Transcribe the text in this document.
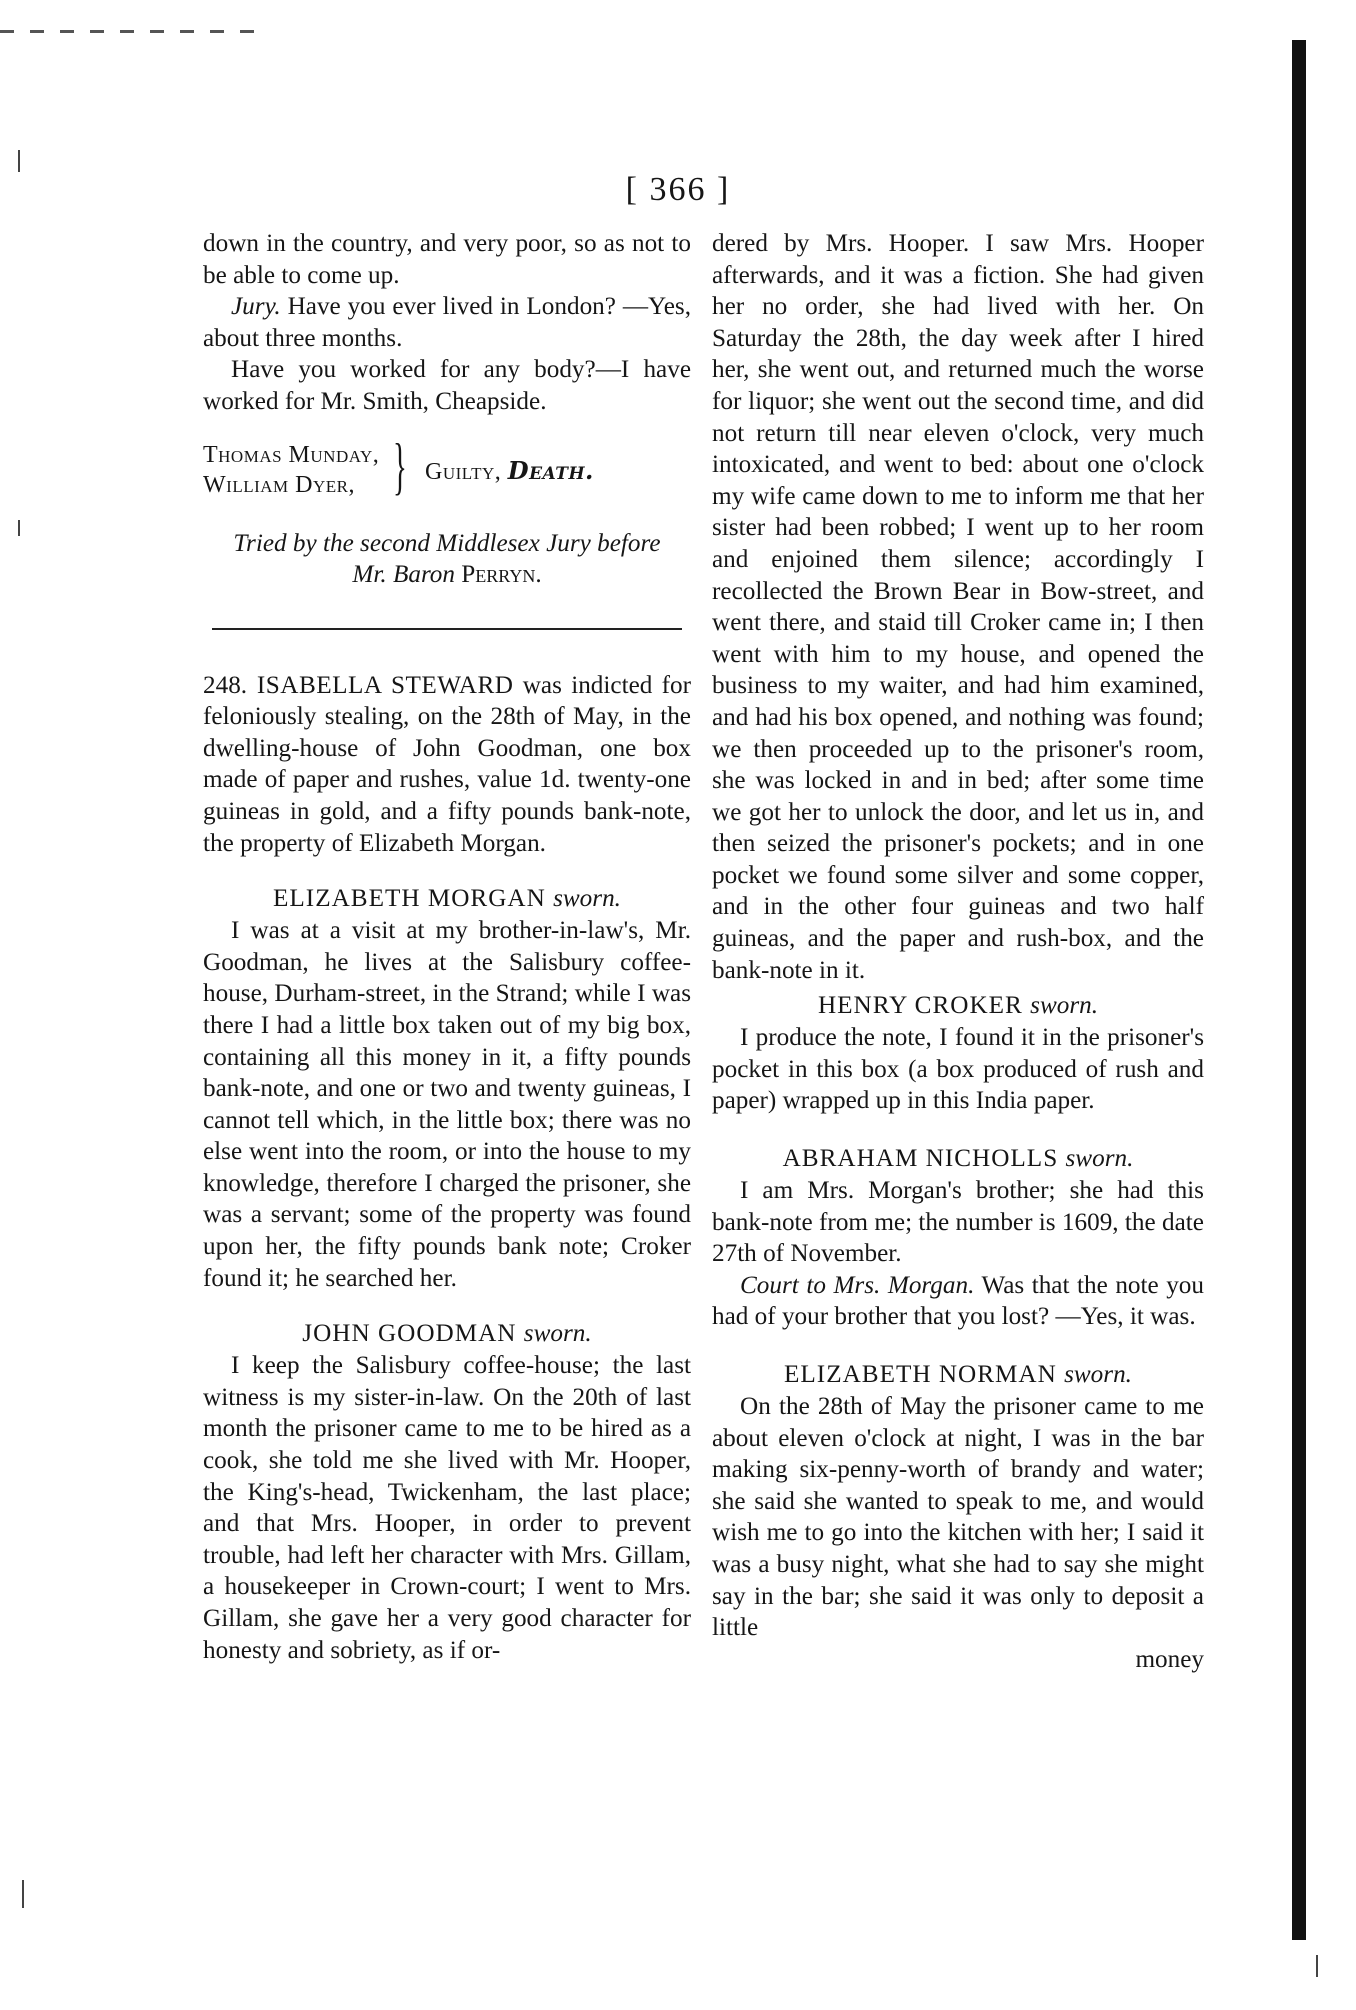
[ 366 ]

down in the country, and very poor, so as not to be able to come up.

Jury. Have you ever lived in London? —Yes, about three months.

Have you worked for any body?—I have worked for Mr. Smith, Cheapside.

Thomas Munday,
William Dyer, } Guilty, Death.
Tried by the second Middlesex Jury before
Mr. Baron Perryn.

248. ISABELLA STEWARD was indicted for feloniously stealing, on the 28th of May, in the dwelling-house of John Goodman, one box made of paper and rushes, value 1d. twenty-one guineas in gold, and a fifty pounds bank-note, the property of Elizabeth Morgan.

ELIZABETH MORGAN sworn.

I was at a visit at my brother-in-law's, Mr. Goodman, he lives at the Salisbury coffee-house, Durham-street, in the Strand; while I was there I had a little box taken out of my big box, containing all this money in it, a fifty pounds bank-note, and one or two and twenty guineas, I cannot tell which, in the little box; there was no else went into the room, or into the house to my knowledge, therefore I charged the prisoner, she was a servant; some of the property was found upon her, the fifty pounds bank note; Croker found it; he searched her.

JOHN GOODMAN sworn.

I keep the Salisbury coffee-house; the last witness is my sister-in-law. On the 20th of last month the prisoner came to me to be hired as a cook, she told me she lived with Mr. Hooper, the King's-head, Twickenham, the last place; and that Mrs. Hooper, in order to prevent trouble, had left her character with Mrs. Gillam, a housekeeper in Crown-court; I went to Mrs. Gillam, she gave her a very good character for honesty and sobriety, as if or-

dered by Mrs. Hooper. I saw Mrs. Hooper afterwards, and it was a fiction. She had given her no order, she had lived with her. On Saturday the 28th, the day week after I hired her, she went out, and returned much the worse for liquor; she went out the second time, and did not return till near eleven o'clock, very much intoxicated, and went to bed: about one o'clock my wife came down to me to inform me that her sister had been robbed; I went up to her room and enjoined them silence; accordingly I recollected the Brown Bear in Bow-street, and went there, and staid till Croker came in; I then went with him to my house, and opened the business to my waiter, and had him examined, and had his box opened, and nothing was found; we then proceeded up to the prisoner's room, she was locked in and in bed; after some time we got her to unlock the door, and let us in, and then seized the prisoner's pockets; and in one pocket we found some silver and some copper, and in the other four guineas and two half guineas, and the paper and rush-box, and the bank-note in it.

HENRY CROKER sworn.

I produce the note, I found it in the prisoner's pocket in this box (a box produced of rush and paper) wrapped up in this India paper.

ABRAHAM NICHOLLS sworn.

I am Mrs. Morgan's brother; she had this bank-note from me; the number is 1609, the date 27th of November.

Court to Mrs. Morgan. Was that the note you had of your brother that you lost? —Yes, it was.

ELIZABETH NORMAN sworn.

On the 28th of May the prisoner came to me about eleven o'clock at night, I was in the bar making six-penny-worth of brandy and water; she said she wanted to speak to me, and would wish me to go into the kitchen with her; I said it was a busy night, what she had to say she might say in the bar; she said it was only to deposit a little

money
